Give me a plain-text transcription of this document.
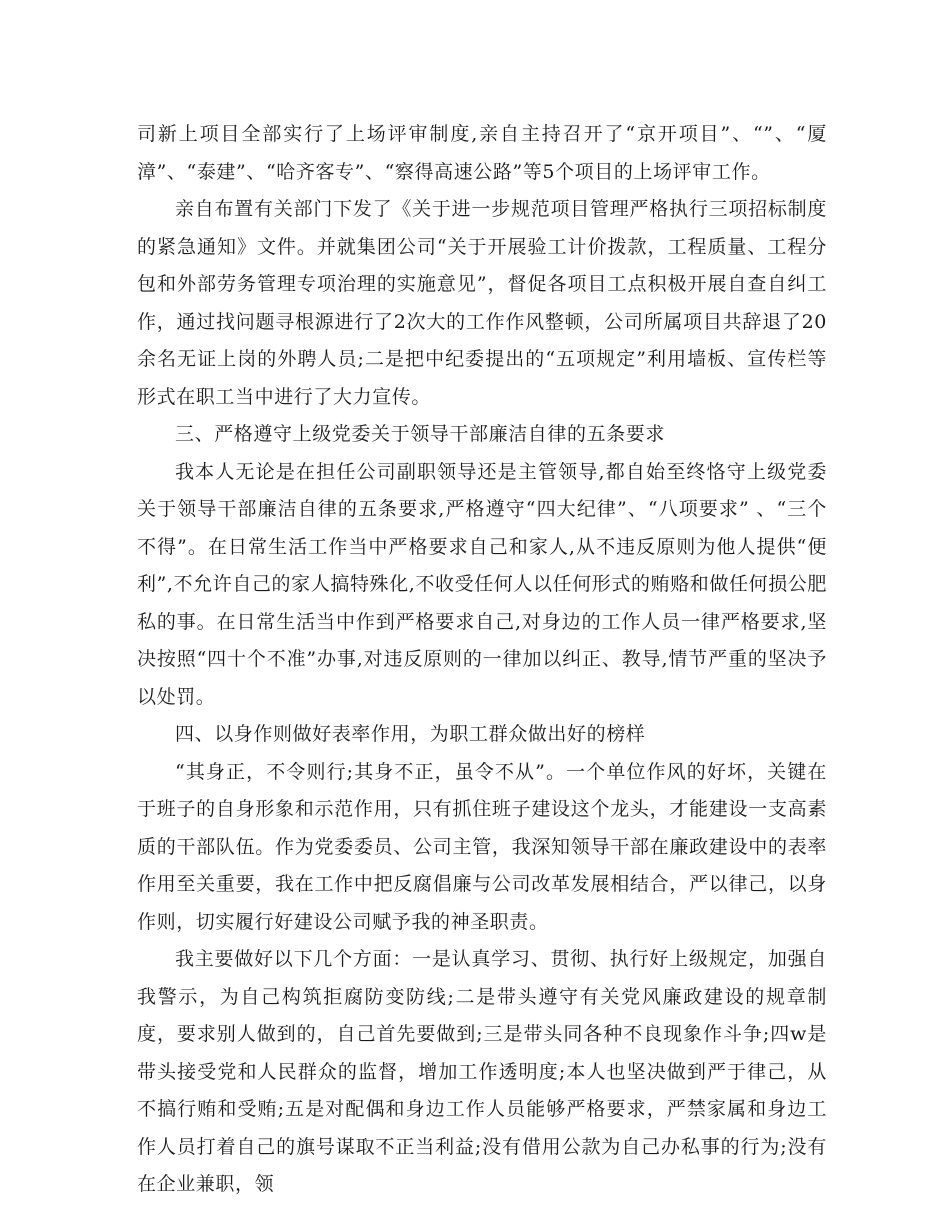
司新上项目全部实行了上场评审制度,亲自主持召开了“京开项目”、“”、“厦漳”、“泰建”、“哈齐客专”、“察得高速公路”等5个项目的上场评审工作。

亲自布置有关部门下发了《关于进一步规范项目管理严格执行三项招标制度的紧急通知》文件。并就集团公司“关于开展验工计价拨款，工程质量、工程分包和外部劳务管理专项治理的实施意见”，督促各项目工点积极开展自查自纠工作，通过找问题寻根源进行了2次大的工作作风整顿，公司所属项目共辞退了20余名无证上岗的外聘人员;二是把中纪委提出的“五项规定”利用墙板、宣传栏等形式在职工当中进行了大力宣传。

三、严格遵守上级党委关于领导干部廉洁自律的五条要求

我本人无论是在担任公司副职领导还是主管领导,都自始至终恪守上级党委关于领导干部廉洁自律的五条要求,严格遵守“四大纪律”、“八项要求” 、“三个不得”。在日常生活工作当中严格要求自己和家人,从不违反原则为他人提供“便利”,不允许自己的家人搞特殊化,不收受任何人以任何形式的贿赂和做任何损公肥私的事。在日常生活当中作到严格要求自己,对身边的工作人员一律严格要求,坚决按照“四十个不准”办事,对违反原则的一律加以纠正、教导,情节严重的坚决予以处罚。

四、以身作则做好表率作用，为职工群众做出好的榜样

“其身正，不令则行;其身不正，虽令不从”。一个单位作风的好坏，关键在于班子的自身形象和示范作用，只有抓住班子建设这个龙头，才能建设一支高素质的干部队伍。作为党委委员、公司主管，我深知领导干部在廉政建设中的表率作用至关重要，我在工作中把反腐倡廉与公司改革发展相结合，严以律己，以身作则，切实履行好建设公司赋予我的神圣职责。

我主要做好以下几个方面：一是认真学习、贯彻、执行好上级规定，加强自我警示，为自己构筑拒腐防变防线;二是带头遵守有关党风廉政建设的规章制度，要求别人做到的，自己首先要做到;三是带头同各种不良现象作斗争;四w是带头接受党和人民群众的监督，增加工作透明度;本人也坚决做到严于律己，从不搞行贿和受贿;五是对配偶和身边工作人员能够严格要求，严禁家属和身边工作人员打着自己的旗号谋取不正当利益;没有借用公款为自己办私事的行为;没有在企业兼职，领
